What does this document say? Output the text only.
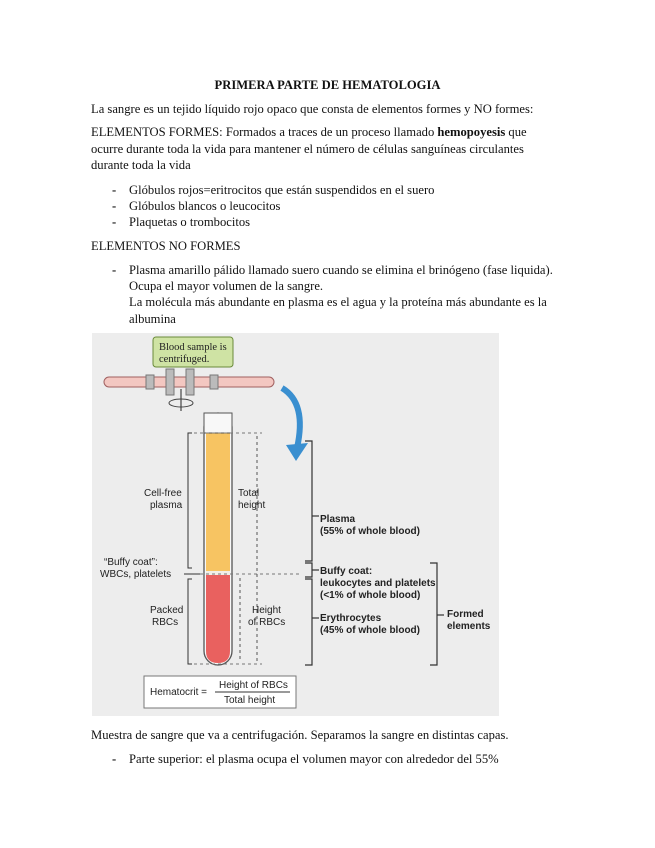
PRIMERA PARTE DE HEMATOLOGIA

La sangre es un tejido líquido rojo opaco que consta de elementos formes y NO formes:

ELEMENTOS FORMES: Formados a traces de un proceso llamado hemopoyesis que ocurre durante toda la vida para mantener el número de células sanguíneas circulantes durante toda la vida

- Glóbulos rojos=eritrocitos que están suspendidos en el suero
- Glóbulos blancos o leucocitos
- Plaquetas o trombocitos

ELEMENTOS NO FORMES

- Plasma amarillo pálido llamado suero cuando se elimina el brinógeno (fase liquida).
Ocupa el mayor volumen de la sangre.
La molécula más abundante en plasma es el agua y la proteína más abundante es la albumina
Blood sample is
centrifuged.
Cell-free
plasma
“Buffy coat”:
WBCs, platelets
Packed
RBCs
Total
height
Height
of RBCs
Plasma
(55% of whole blood)
Buffy coat:
leukocytes and platelets
(<1% of whole blood)
Erythrocytes
(45% of whole blood)
Formed
elements
Hematocrit =
Height of RBCs
Total height

Muestra de sangre que va a centrifugación. Separamos la sangre en distintas capas.

- Parte superior: el plasma ocupa el volumen mayor con alrededor del 55%
